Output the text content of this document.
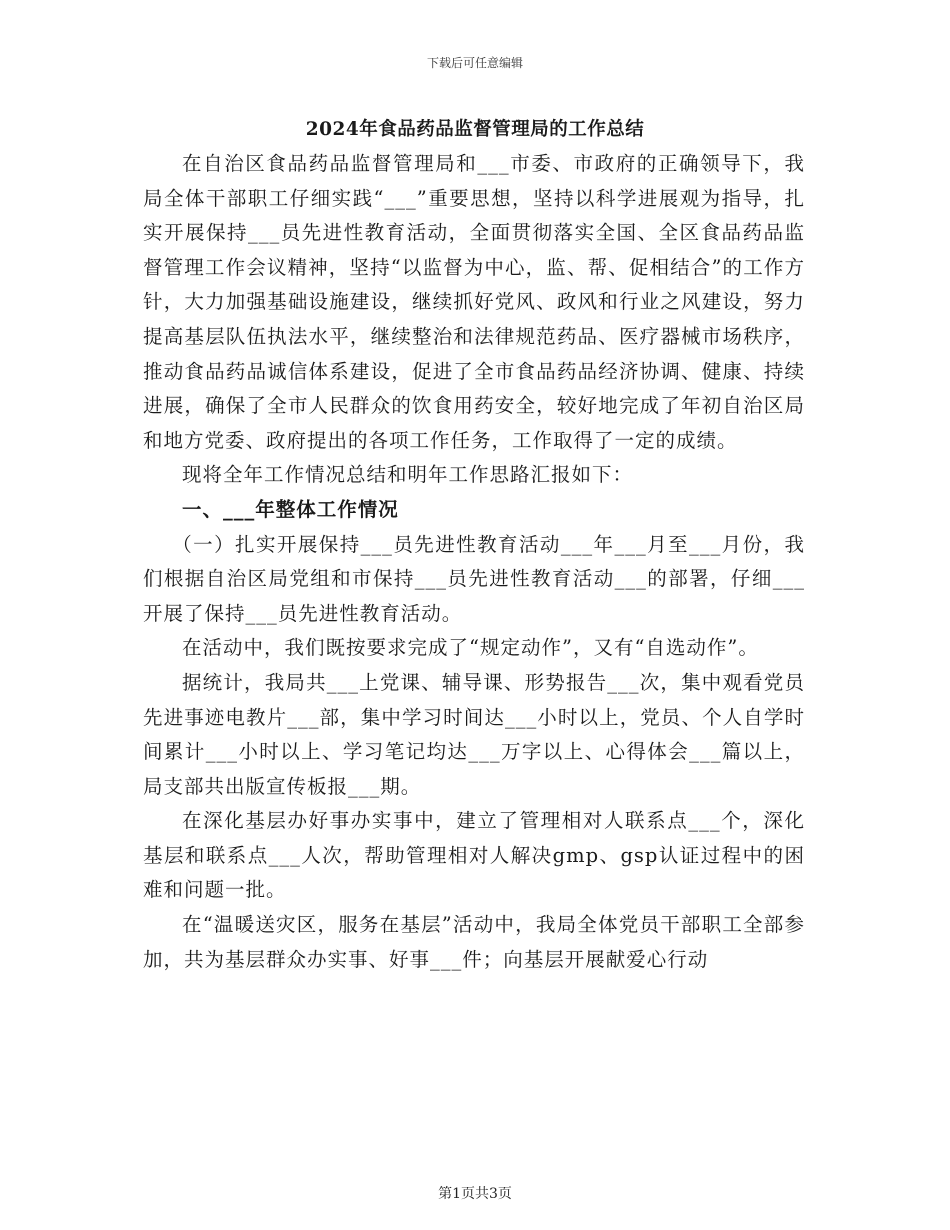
下载后可任意编辑
2024年食品药品监督管理局的工作总结

在自治区食品药品监督管理局和___市委、市政府的正确领导下，我局全体干部职工仔细实践“___”重要思想，坚持以科学进展观为指导，扎实开展保持___员先进性教育活动，全面贯彻落实全国、全区食品药品监督管理工作会议精神，坚持“以监督为中心，监、帮、促相结合”的工作方针，大力加强基础设施建设，继续抓好党风、政风和行业之风建设，努力提高基层队伍执法水平，继续整治和法律规范药品、医疗器械市场秩序，推动食品药品诚信体系建设，促进了全市食品药品经济协调、健康、持续进展，确保了全市人民群众的饮食用药安全，较好地完成了年初自治区局和地方党委、政府提出的各项工作任务，工作取得了一定的成绩。

现将全年工作情况总结和明年工作思路汇报如下：

一、___年整体工作情况

（一）扎实开展保持___员先进性教育活动___年___月至___月份，我们根据自治区局党组和市保持___员先进性教育活动___的部署，仔细___开展了保持___员先进性教育活动。

在活动中，我们既按要求完成了“规定动作”，又有“自选动作”。

据统计，我局共___上党课、辅导课、形势报告___次，集中观看党员先进事迹电教片___部，集中学习时间达___小时以上，党员、个人自学时间累计___小时以上、学习笔记均达___万字以上、心得体会___篇以上，局支部共出版宣传板报___期。

在深化基层办好事办实事中，建立了管理相对人联系点___个，深化基层和联系点___人次，帮助管理相对人解决gmp、gsp认证过程中的困难和问题一批。

在“温暖送灾区，服务在基层”活动中，我局全体党员干部职工全部参加，共为基层群众办实事、好事___件；向基层开展献爱心行动

第1页共3页
